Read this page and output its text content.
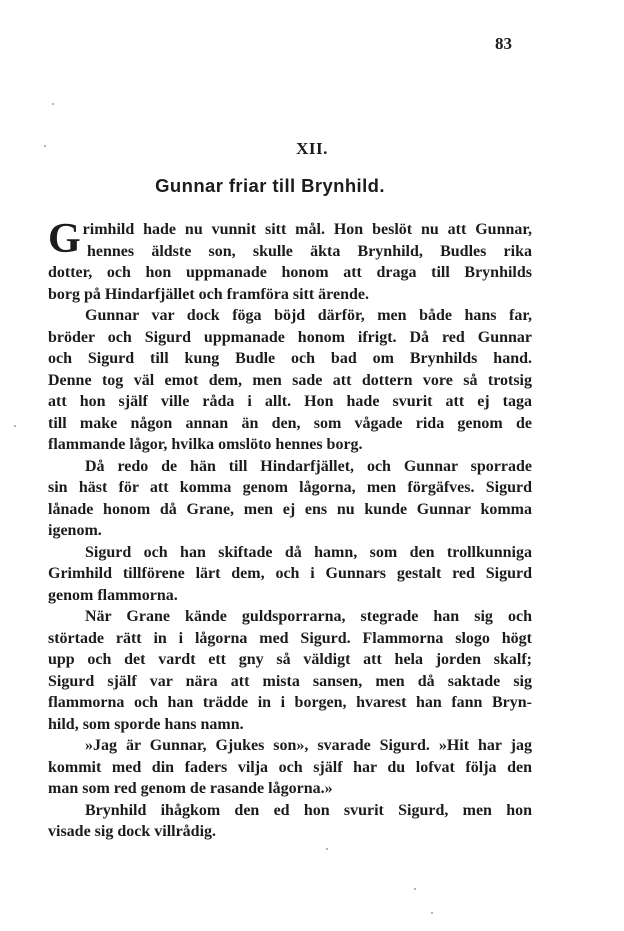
83
XII.
Gunnar friar till Brynhild.
G rimhild hade nu vunnit sitt mål. Hon beslöt nu att Gunnar,
hennes äldste son, skulle äkta Brynhild, Budles rika
dotter, och hon uppmanade honom att draga till Brynhilds
borg på Hindarfjället och framföra sitt ärende.
Gunnar var dock föga böjd därför, men både hans far,
bröder och Sigurd uppmanade honom ifrigt. Då red Gunnar
och Sigurd till kung Budle och bad om Brynhilds hand.
Denne tog väl emot dem, men sade att dottern vore så trotsig
att hon själf ville råda i allt. Hon hade svurit att ej taga
till make någon annan än den, som vågade rida genom de
flammande lågor, hvilka omslöto hennes borg.
Då redo de hän till Hindarfjället, och Gunnar sporrade
sin häst för att komma genom lågorna, men förgäfves. Sigurd
lånade honom då Grane, men ej ens nu kunde Gunnar komma
igenom.
Sigurd och han skiftade då hamn, som den trollkunniga
Grimhild tillförene lärt dem, och i Gunnars gestalt red Sigurd
genom flammorna.
När Grane kände guldsporrarna, stegrade han sig och
störtade rätt in i lågorna med Sigurd. Flammorna slogo högt
upp och det vardt ett gny så väldigt att hela jorden skalf;
Sigurd själf var nära att mista sansen, men då saktade sig
flammorna och han trädde in i borgen, hvarest han fann Bryn-
hild, som sporde hans namn.
»Jag är Gunnar, Gjukes son», svarade Sigurd. »Hit har jag
kommit med din faders vilja och själf har du lofvat följa den
man som red genom de rasande lågorna.»
Brynhild ihågkom den ed hon svurit Sigurd, men hon
visade sig dock villrådig.
